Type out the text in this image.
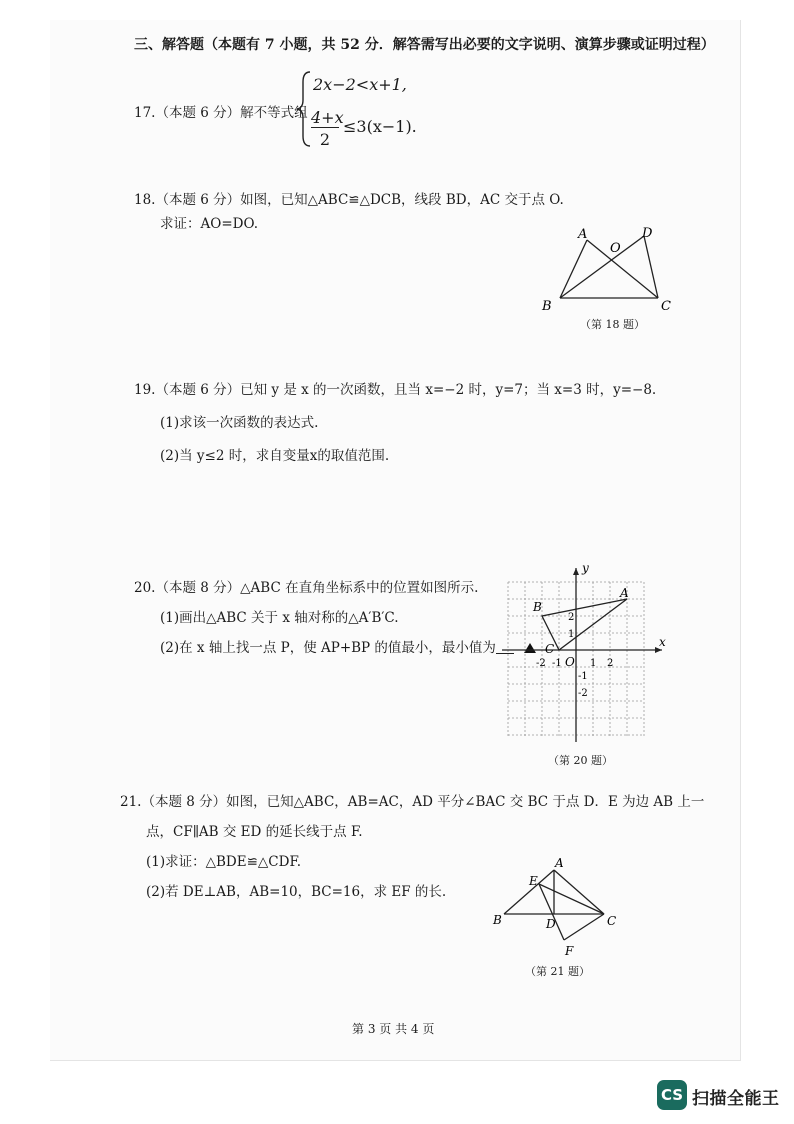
三、解答题（本题有 7 小题，共 52 分．解答需写出必要的文字说明、演算步骤或证明过程）
17.（本题 6 分）解不等式组
2x−2<x+1,
4+x
2
≤3(x−1).
18.（本题 6 分）如图，已知△ABC≌△DCB，线段 BD，AC 交于点 O.
求证：AO=DO.
A
O
D
B	C
（第 18 题）
19.（本题 6 分）已知 y 是 x 的一次函数，且当 x=−2 时，y=7；当 x=3 时，y=−8.
(1)求该一次函数的表达式.
(2)当 y≤2 时，求自变量x的取值范围.
20.（本题 8 分）△ABC 在直角坐标系中的位置如图所示.
(1)画出△ABC 关于 x 轴对称的△A′B′C.
(2)在 x 轴上找一点 P，使 AP+BP 的值最小，最小值为
y
x
A
B
C
O
-2 -1	1 2
2
1
-1
-2
（第 20 题）
21.（本题 8 分）如图，已知△ABC，AB=AC，AD 平分∠BAC 交 BC 于点 D．E 为边 AB 上一
点，CF∥AB 交 ED 的延长线于点 F.
(1)求证：△BDE≌△CDF.
(2)若 DE⊥AB，AB=10，BC=16，求 EF 的长.
A
E
B	D	C
F
（第 21 题）
第 3 页 共 4 页
CS 扫描全能王
